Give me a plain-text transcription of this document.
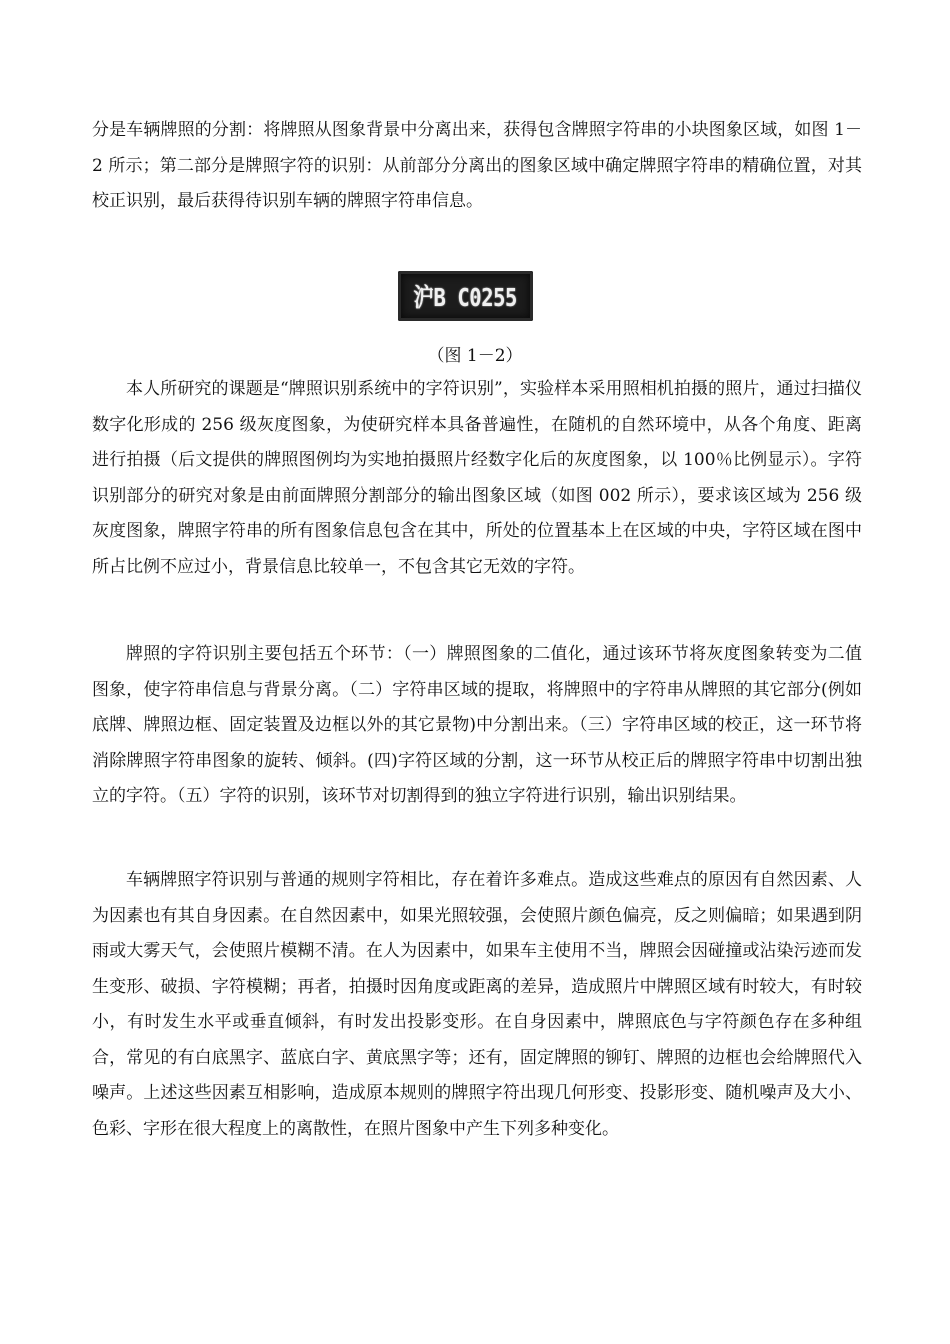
分是车辆牌照的分割：将牌照从图象背景中分离出来，获得包含牌照字符串的小块图象区域，如图 1－2 所示；第二部分是牌照字符的识别：从前部分分离出的图象区域中确定牌照字符串的精确位置，对其校正识别，最后获得待识别车辆的牌照字符串信息。

沪B C0255

（图 1－2）

本人所研究的课题是“牌照识别系统中的字符识别”，实验样本采用照相机拍摄的照片，通过扫描仪数字化形成的 256 级灰度图象，为使研究样本具备普遍性，在随机的自然环境中，从各个角度、距离进行拍摄（后文提供的牌照图例均为实地拍摄照片经数字化后的灰度图象，以 100％比例显示）。字符识别部分的研究对象是由前面牌照分割部分的输出图象区域（如图 002 所示），要求该区域为 256 级灰度图象，牌照字符串的所有图象信息包含在其中，所处的位置基本上在区域的中央，字符区域在图中所占比例不应过小，背景信息比较单一，不包含其它无效的字符。

牌照的字符识别主要包括五个环节：（一）牌照图象的二值化，通过该环节将灰度图象转变为二值图象，使字符串信息与背景分离。（二）字符串区域的提取，将牌照中的字符串从牌照的其它部分(例如底牌、牌照边框、固定装置及边框以外的其它景物)中分割出来。（三）字符串区域的校正，这一环节将消除牌照字符串图象的旋转、倾斜。(四)字符区域的分割，这一环节从校正后的牌照字符串中切割出独立的字符。（五）字符的识别，该环节对切割得到的独立字符进行识别，输出识别结果。

车辆牌照字符识别与普通的规则字符相比，存在着许多难点。造成这些难点的原因有自然因素、人为因素也有其自身因素。在自然因素中，如果光照较强，会使照片颜色偏亮，反之则偏暗；如果遇到阴雨或大雾天气，会使照片模糊不清。在人为因素中，如果车主使用不当，牌照会因碰撞或沾染污迹而发生变形、破损、字符模糊；再者，拍摄时因角度或距离的差异，造成照片中牌照区域有时较大，有时较小，有时发生水平或垂直倾斜，有时发出投影变形。在自身因素中，牌照底色与字符颜色存在多种组合，常见的有白底黑字、蓝底白字、黄底黑字等；还有，固定牌照的铆钉、牌照的边框也会给牌照代入噪声。上述这些因素互相影响，造成原本规则的牌照字符出现几何形变、投影形变、随机噪声及大小、色彩、字形在很大程度上的离散性，在照片图象中产生下列多种变化。
